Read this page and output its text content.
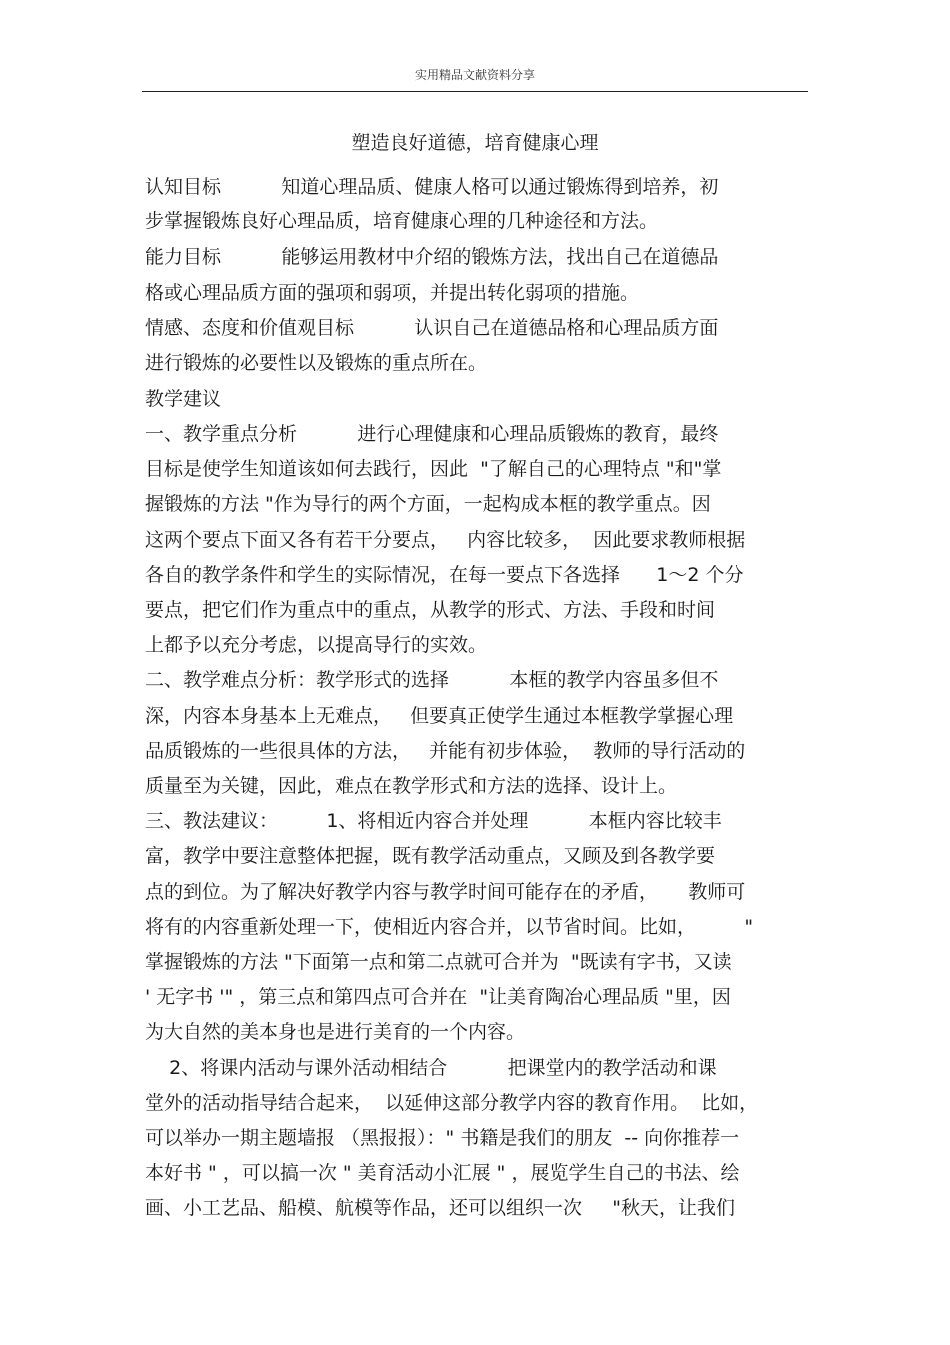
实用精品文献资料分享
塑造良好道德，培育健康心理
认知目标          知道心理品质、健康人格可以通过锻炼得到培养，初
步掌握锻炼良好心理品质，培育健康心理的几种途径和方法。
能力目标          能够运用教材中介绍的锻炼方法，找出自己在道德品
格或心理品质方面的强项和弱项，并提出转化弱项的措施。
情感、态度和价值观目标          认识自己在道德品格和心理品质方面
进行锻炼的必要性以及锻炼的重点所在。
教学建议
一、教学重点分析          进行心理健康和心理品质锻炼的教育，最终
目标是使学生知道该如何去践行，因此  "了解自己的心理特点 "和"掌
握锻炼的方法 "作为导行的两个方面，一起构成本框的教学重点。因
这两个要点下面又各有若干分要点，   内容比较多，  因此要求教师根据
各自的教学条件和学生的实际情况，在每一要点下各选择      1～2 个分
要点，把它们作为重点中的重点，从教学的形式、方法、手段和时间
上都予以充分考虑，以提高导行的实效。
二、教学难点分析：教学形式的选择          本框的教学内容虽多但不
深，内容本身基本上无难点，   但要真正使学生通过本框教学掌握心理
品质锻炼的一些很具体的方法，   并能有初步体验，  教师的导行活动的
质量至为关键，因此，难点在教学形式和方法的选择、设计上。
三、教法建议：        1、将相近内容合并处理          本框内容比较丰
富，教学中要注意整体把握，既有教学活动重点，又顾及到各教学要
点的到位。为了解决好教学内容与教学时间可能存在的矛盾，     教师可
将有的内容重新处理一下，使相近内容合并，以节省时间。比如，        "
掌握锻炼的方法 "下面第一点和第二点就可合并为  "既读有字书，又读
' 无字书 '" ，第三点和第四点可合并在  "让美育陶冶心理品质 "里，因
为大自然的美本身也是进行美育的一个内容。
2、将课内活动与课外活动相结合          把课堂内的教学活动和课
堂外的活动指导结合起来，  以延伸这部分教学内容的教育作用。  比如，
可以举办一期主题墙报 （黑报报）：" 书籍是我们的朋友  -- 向你推荐一
本好书 " ，可以搞一次 " 美育活动小汇展 " ，展览学生自己的书法、绘
画、小工艺品、船模、航模等作品，还可以组织一次     "秋天，让我们
